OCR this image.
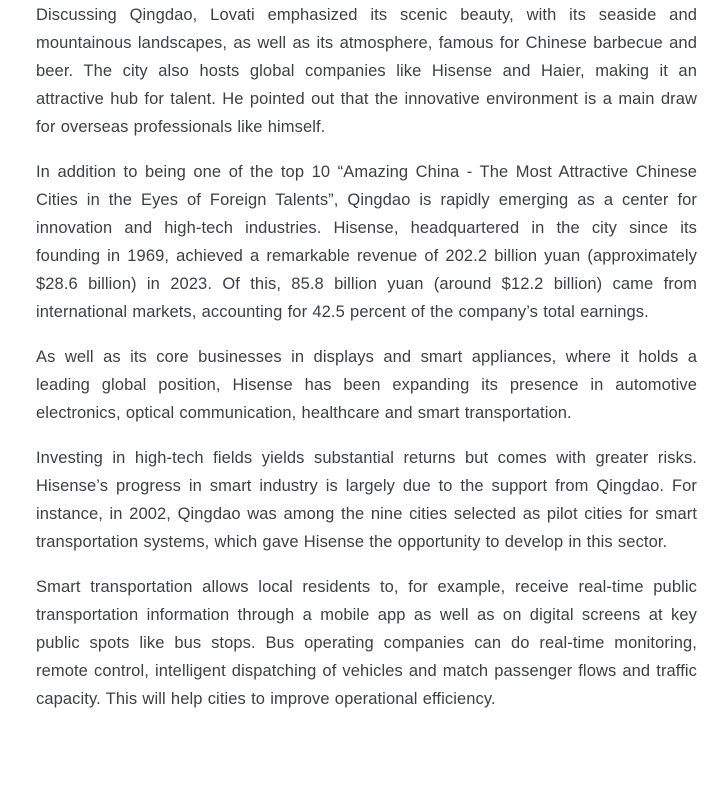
Discussing Qingdao, Lovati emphasized its scenic beauty, with its seaside and mountainous landscapes, as well as its atmosphere, famous for Chinese barbecue and beer. The city also hosts global companies like Hisense and Haier, making it an attractive hub for talent. He pointed out that the innovative environment is a main draw for overseas professionals like himself.

In addition to being one of the top 10 “Amazing China - The Most Attractive Chinese Cities in the Eyes of Foreign Talents”, Qingdao is rapidly emerging as a center for innovation and high-tech industries. Hisense, headquartered in the city since its founding in 1969, achieved a remarkable revenue of 202.2 billion yuan (approximately $28.6 billion) in 2023. Of this, 85.8 billion yuan (around $12.2 billion) came from international markets, accounting for 42.5 percent of the company’s total earnings.

As well as its core businesses in displays and smart appliances, where it holds a leading global position, Hisense has been expanding its presence in automotive electronics, optical communication, healthcare and smart transportation.

Investing in high-tech fields yields substantial returns but comes with greater risks. Hisense’s progress in smart industry is largely due to the support from Qingdao. For instance, in 2002, Qingdao was among the nine cities selected as pilot cities for smart transportation systems, which gave Hisense the opportunity to develop in this sector.

Smart transportation allows local residents to, for example, receive real-time public transportation information through a mobile app as well as on digital screens at key public spots like bus stops. Bus operating companies can do real-time monitoring, remote control, intelligent dispatching of vehicles and match passenger flows and traffic capacity. This will help cities to improve operational efficiency.
